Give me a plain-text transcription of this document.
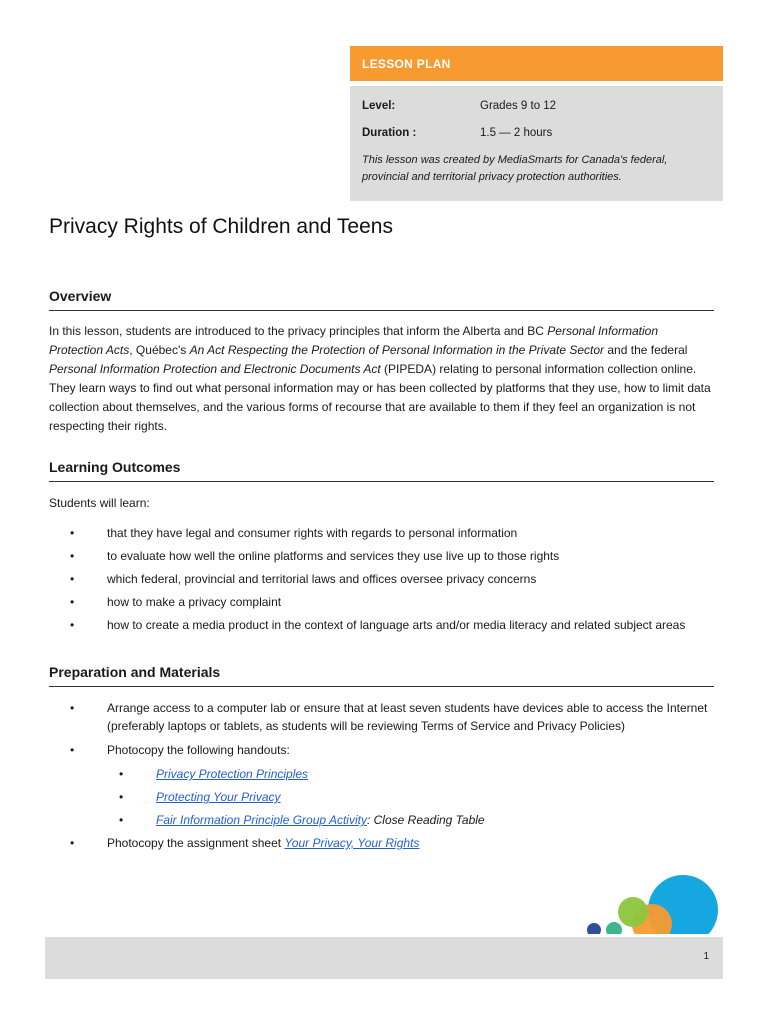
LESSON PLAN
Level:	Grades 9 to 12
Duration :	1.5 — 2 hours
This lesson was created by MediaSmarts for Canada's federal, provincial and territorial privacy protection authorities.
Privacy Rights of Children and Teens
Overview

In this lesson, students are introduced to the privacy principles that inform the Alberta and BC Personal Information Protection Acts, Québec's An Act Respecting the Protection of Personal Information in the Private Sector and the federal Personal Information Protection and Electronic Documents Act (PIPEDA) relating to personal information collection online. They learn ways to find out what personal information may or has been collected by platforms that they use, how to limit data collection about themselves, and the various forms of recourse that are available to them if they feel an organization is not respecting their rights.

Learning Outcomes

Students will learn:

•	that they have legal and consumer rights with regards to personal information
•	to evaluate how well the online platforms and services they use live up to those rights
•	which federal, provincial and territorial laws and offices oversee privacy concerns
•	how to make a privacy complaint
•	how to create a media product in the context of language arts and/or media literacy and related subject areas
Preparation and Materials
•	Arrange access to a computer lab or ensure that at least seven students have devices able to access the Internet (preferably laptops or tablets, as students will be reviewing Terms of Service and Privacy Policies)
•	Photocopy the following handouts:
•	Privacy Protection Principles
•	Protecting Your Privacy
•	Fair Information Principle Group Activity: Close Reading Table
•	Photocopy the assignment sheet Your Privacy, Your Rights
1
